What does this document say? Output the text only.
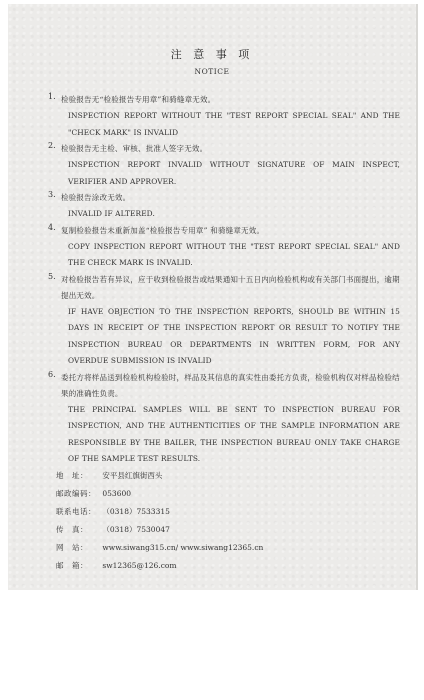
注 意 事 项
NOTICE
1. 检验报告无“检验报告专用章”和骑缝章无效。
INSPECTION REPORT WITHOUT THE "TEST REPORT SPECIAL SEAL" AND THE "CHECK MARK" IS INVALID
2. 检验报告无主检、审核、批准人签字无效。
INSPECTION REPORT INVALID WITHOUT SIGNATURE OF MAIN INSPECT, VERIFIER AND APPROVER.
3. 检验报告涂改无效。
INVALID IF ALTERED.
4. 复制检验报告未重新加盖“检验报告专用章” 和骑缝章无效。
COPY INSPECTION REPORT WITHOUT THE "TEST REPORT SPECIAL SEAL" AND THE CHECK MARK IS INVALID.
5. 对检验报告若有异议，应于收到检验报告或结果通知十五日内向检验机构或有关部门书面提出，逾期提出无效。
IF HAVE OBJECTION TO THE INSPECTION REPORTS, SHOULD BE WITHIN 15 DAYS IN RECEIPT OF THE INSPECTION REPORT OR RESULT TO NOTIFY THE INSPECTION BUREAU OR DEPARTMENTS IN WRITTEN FORM, FOR ANY OVERDUE SUBMISSION IS INVALID
6. 委托方将样品送到检验机构检验时，样品及其信息的真实性由委托方负责，检验机构仅对样品检验结果的准确性负责。
THE PRINCIPAL SAMPLES WILL BE SENT TO INSPECTION BUREAU FOR INSPECTION, AND THE AUTHENTICITIES OF THE SAMPLE INFORMATION ARE RESPONSIBLE BY THE BAILER, THE INSPECTION BUREAU ONLY TAKE CHARGE OF THE SAMPLE TEST RESULTS.
地　址： 安平县红旗街西头
邮政编码： 053600
联系电话： （0318）7533315
传　真： （0318）7530047
网　站： www.siwang315.cn/ www.siwang12365.cn
邮　箱： sw12365@126.com
